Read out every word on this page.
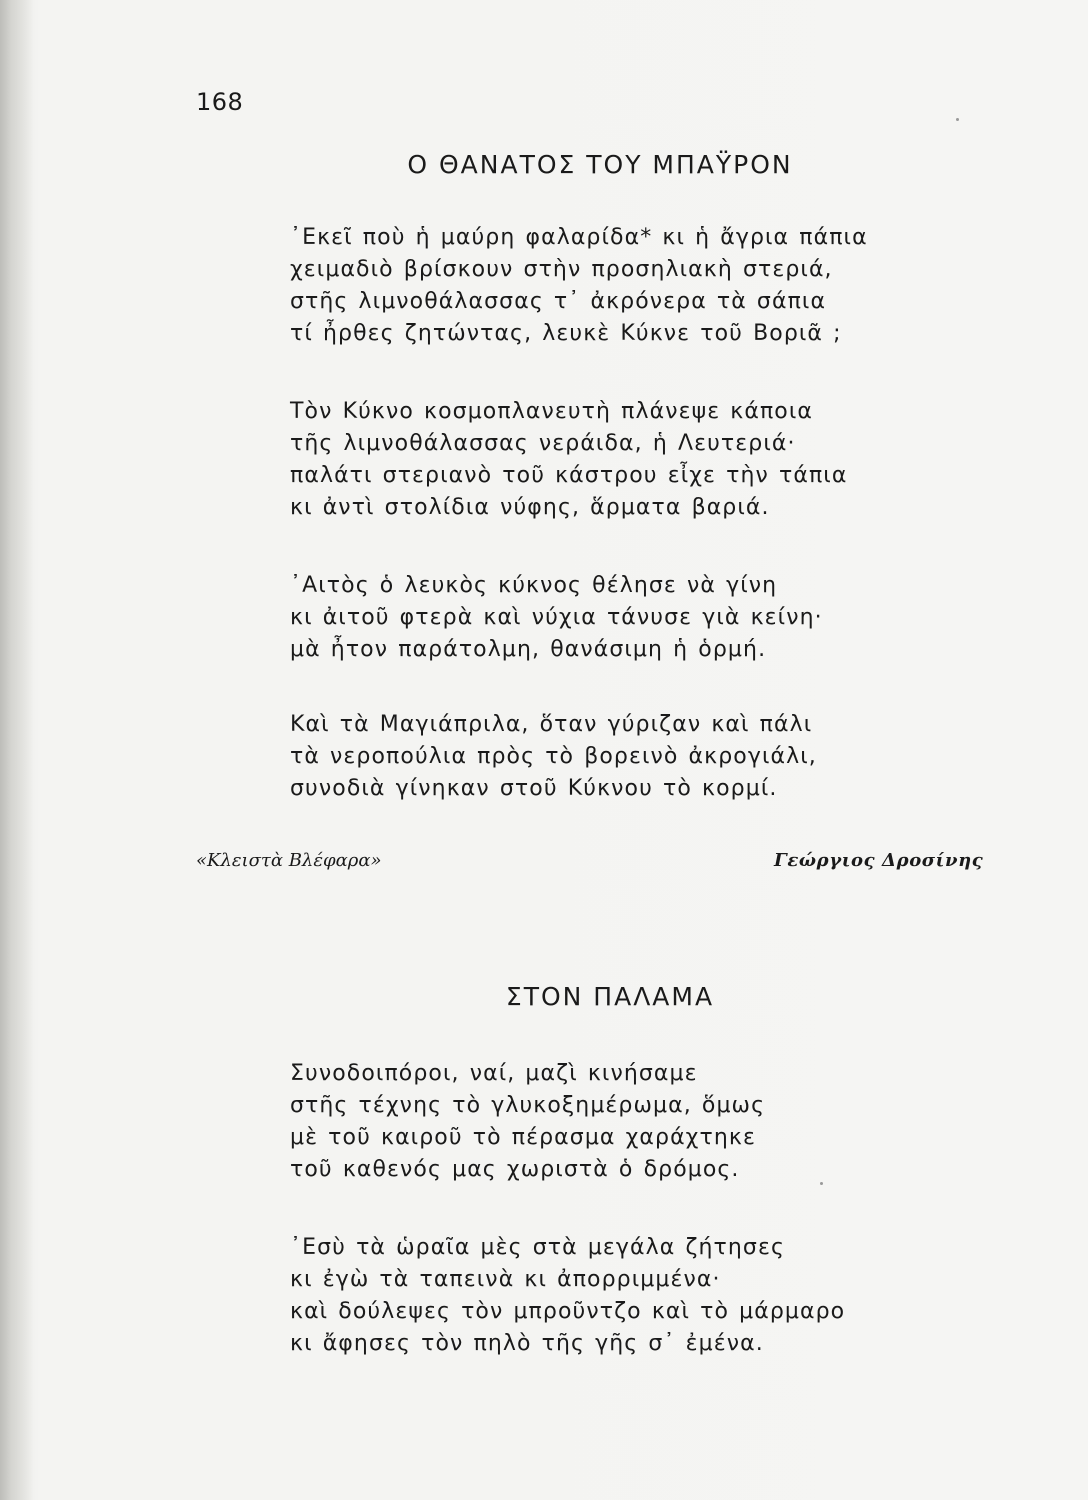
168
Ο ΘΑΝΑΤΟΣ ΤΟΥ ΜΠΑΫΡΟΝ
᾿Εκεῖ ποὺ ἡ μαύρη φαλαρίδα* κι ἡ ἄγρια πάπια
χειμαδιὸ βρίσκουν στὴν προσηλιακὴ στεριά,
στῆς λιμνοθάλασσας τ᾿ ἀκρόνερα τὰ σάπια
τί ἦρθες ζητώντας, λευκὲ Κύκνε τοῦ Βοριᾶ ;
Τὸν Κύκνο κοσμοπλανευτὴ πλάνεψε κάποια
τῆς λιμνοθάλασσας νεράιδα, ἡ Λευτεριά·
παλάτι στεριανὸ τοῦ κάστρου εἶχε τὴν τάπια
κι ἀντὶ στολίδια νύφης, ἅρματα βαριά.
᾿Αιτὸς ὁ λευκὸς κύκνος θέλησε νὰ γίνη
κι ἀιτοῦ φτερὰ καὶ νύχια τάνυσε γιὰ κείνη·
μὰ ἦτον παράτολμη, θανάσιμη ἡ ὁρμή.
Καὶ τὰ Μαγιάπριλα, ὅταν γύριζαν καὶ πάλι
τὰ νεροπούλια πρὸς τὸ βορεινὸ ἀκρογιάλι,
συνοδιὰ γίνηκαν στοῦ Κύκνου τὸ κορμί.
«Κλειστὰ Βλέφαρα»	Γεώργιος Δροσίνης
ΣΤΟΝ ΠΑΛΑΜΑ
Συνοδοιπόροι, ναί, μαζὶ κινήσαμε
στῆς τέχνης τὸ γλυκοξημέρωμα, ὅμως
μὲ τοῦ καιροῦ τὸ πέρασμα χαράχτηκε
τοῦ καθενός μας χωριστὰ ὁ δρόμος.
᾿Εσὺ τὰ ὡραῖα μὲς στὰ μεγάλα ζήτησες
κι ἐγὼ τὰ ταπεινὰ κι ἀπορριμμένα·
καὶ δούλεψες τὸν μπροῦντζο καὶ τὸ μάρμαρο
κι ἄφησες τὸν πηλὸ τῆς γῆς σ᾿ ἐμένα.
